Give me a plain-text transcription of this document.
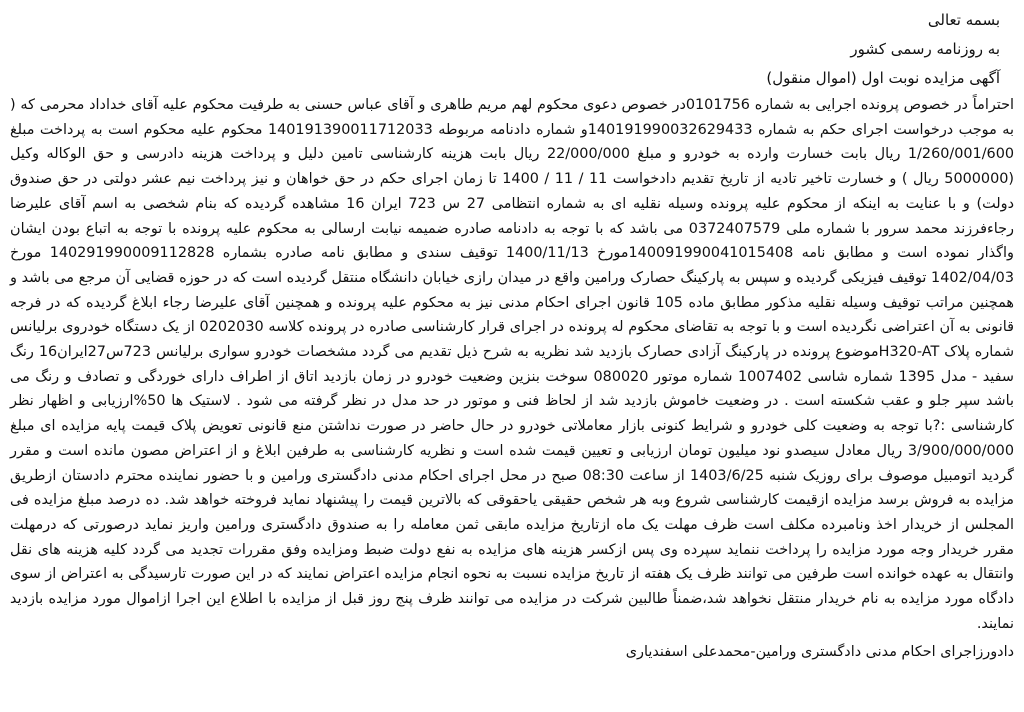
بسمه تعالی
به روزنامه رسمی کشور
آگهی مزایده نوبت اول (اموال منقول)

احتراماً در خصوص پرونده اجرایی به شماره 0101756در خصوص دعوی محکوم لهم مریم طاهری و آقای عباس حسنی به طرفیت محکوم علیه آقای خداداد محرمی که ( به موجب درخواست اجرای حکم به شماره 140191990032629433و شماره دادنامه مربوطه 140191390011712033 محکوم علیه محکوم است به پرداخت مبلغ 1/260/001/600 ریال بابت خسارت وارده به خودرو و مبلغ 22/000/000 ریال بابت هزینه کارشناسی تامین دلیل و پرداخت هزینه دادرسی و حق الوکاله وکیل (5000000 ریال ) و خسارت تاخیر تادیه از تاریخ تقدیم دادخواست 11 / 11 / 1400 تا زمان اجرای حکم در حق خواهان و نیز پرداخت نیم عشر دولتی در حق صندوق دولت) و با عنایت به اینکه از محکوم علیه پرونده وسیله نقلیه ای به شماره انتظامی 27 س 723 ایران 16 مشاهده گردیده که بنام شخصی به اسم آقای علیرضا رجاءفرزند محمد سرور با شماره ملی 0372407579 می باشد که با توجه به دادنامه صادره ضمیمه نیابت ارسالی به محکوم علیه پرونده با توجه به اتباع بودن ایشان واگذار نموده است و مطابق نامه 140091990041015408مورخ 1400/11/13 توقیف سندی و مطابق نامه صادره بشماره 140291990009112828 مورخ 1402/04/03 توقیف فیزیکی گردیده و سپس به پارکینگ حصارک ورامین واقع در میدان رازی خیابان دانشگاه منتقل گردیده است که در حوزه قضایی آن مرجع می باشد و همچنین مراتب توقیف وسیله نقلیه مذکور مطابق ماده 105 قانون اجرای احکام مدنی نیز به محکوم علیه پرونده و همچنین آقای علیرضا رجاء ابلاغ گردیده که در فرجه قانونی به آن اعتراضی نگردیده است و با توجه به تقاضای محکوم له پرونده در اجرای قرار کارشناسی صادره در پرونده کلاسه 0202030 از یک دستگاه خودروی برلیانس شماره پلاک H320-ATموضوع پرونده در پارکینگ آزادی حصارک بازدید شد نظریه به شرح ذیل تقدیم می گردد مشخصات خودرو سواری برلیانس 723س27ایران16 رنگ سفید - مدل 1395 شماره شاسی 1007402 شماره موتور 080020 سوخت بنزین وضعیت خودرو در زمان بازدید اتاق از اطراف دارای خوردگی و تصادف و رنگ می باشد سپر جلو و عقب شکسته است . در وضعیت خاموش بازدید شد از لحاظ فنی و موتور در حد مدل در نظر گرفته می شود . لاستیک ها 50%ارزیابی و اظهار نظر کارشناسی :?با توجه به وضعیت کلی خودرو و شرایط کنونی بازار معاملاتی خودرو در حال حاضر در صورت نداشتن منع قانونی تعویض پلاک قیمت پایه مزایده ای مبلغ 3/900/000/000 ریال معادل سیصدو نود میلیون تومان ارزیابی و تعیین قیمت شده است و نظریه کارشناسی به طرفین ابلاغ و از اعتراض مصون مانده است و مقرر گردید اتومبیل موصوف برای روزیک شنبه 1403/6/25 از ساعت 08:30 صبح در محل اجرای احکام مدنی دادگستری ورامین و با حضور نماینده محترم دادستان ازطریق مزایده به فروش برسد مزایده ازقیمت کارشناسی شروع وبه هر شخص حقیقی یاحقوقی که بالاترین قیمت را پیشنهاد نماید فروخته خواهد شد. ده درصد مبلغ مزایده فی المجلس از خریدار اخذ ونامبرده مکلف است ظرف مهلت یک ماه ازتاریخ مزایده مابقی ثمن معامله را به صندوق دادگستری ورامین واریز نماید درصورتی که درمهلت مقرر خریدار وجه مورد مزایده را پرداخت ننماید سپرده وی پس ازکسر هزینه های مزایده به نفع دولت ضبط ومزایده وفق مقررات تجدید می گردد کلیه هزینه های نقل وانتقال به عهده خوانده است طرفین می توانند ظرف یک هفته از تاریخ مزایده نسبت به نحوه انجام مزایده اعتراض نمایند که در این صورت تارسیدگی به اعتراض از سوی دادگاه مورد مزایده به نام خریدار منتقل نخواهد شد،ضمناً طالبین شرکت در مزایده می توانند ظرف پنج روز قبل از مزایده با اطلاع این اجرا ازاموال مورد مزایده بازدید نمایند.

دادورزاجرای احکام مدنی دادگستری ورامین-محمدعلی اسفندیاری
